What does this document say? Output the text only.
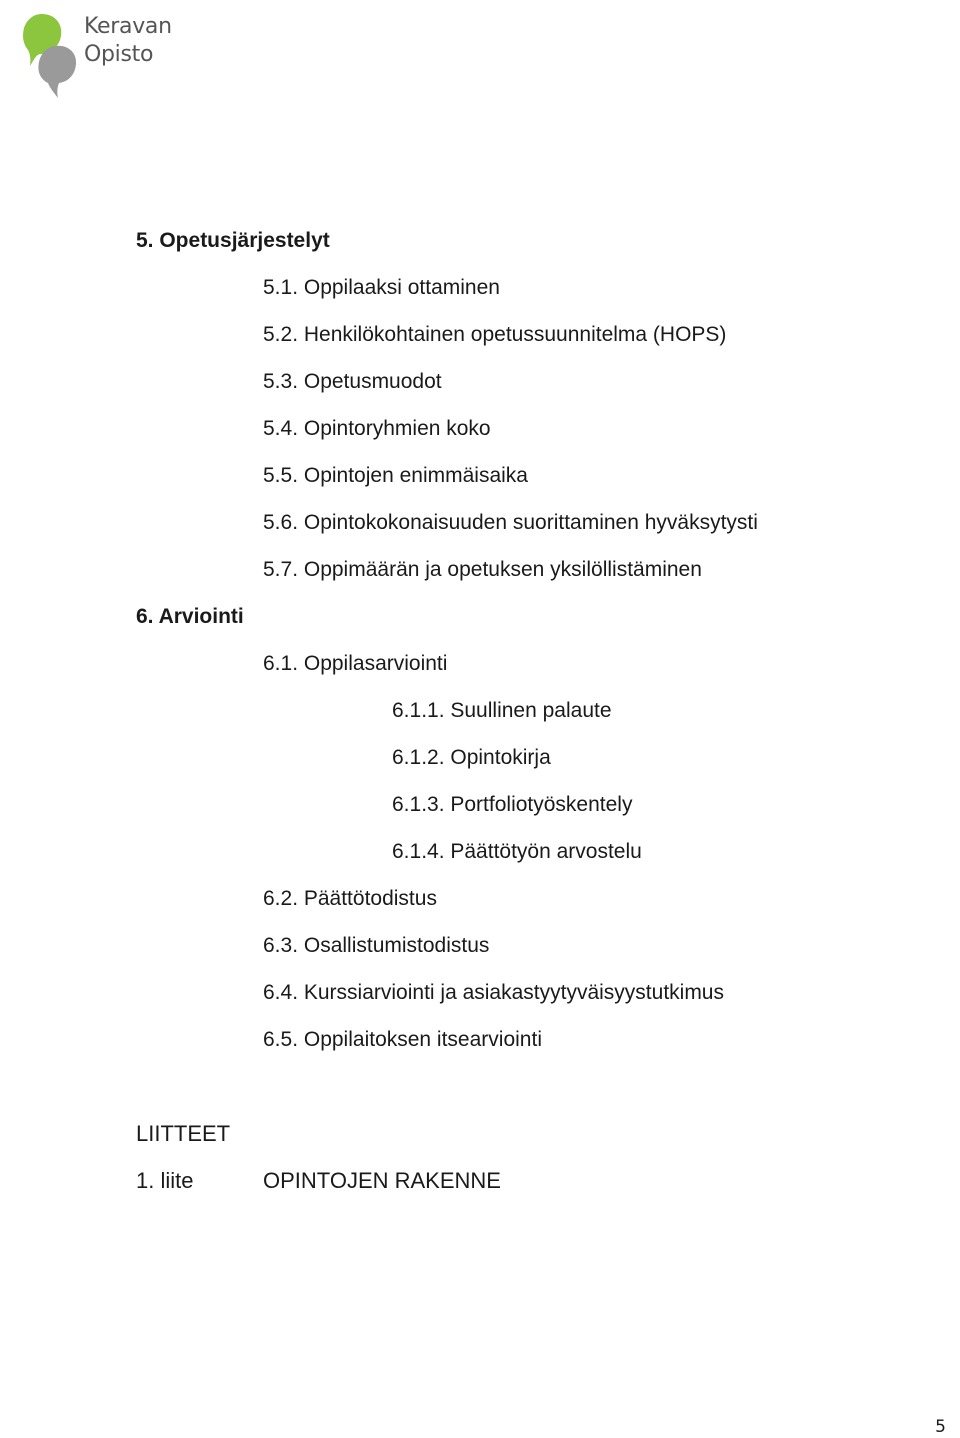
Keravan
Opisto
5. Opetusjärjestelyt
5.1. Oppilaaksi ottaminen
5.2. Henkilökohtainen opetussuunnitelma (HOPS)
5.3. Opetusmuodot
5.4. Opintoryhmien koko
5.5. Opintojen enimmäisaika
5.6. Opintokokonaisuuden suorittaminen hyväksytysti
5.7. Oppimäärän ja opetuksen yksilöllistäminen
6. Arviointi
6.1. Oppilasarviointi
6.1.1. Suullinen palaute
6.1.2. Opintokirja
6.1.3. Portfoliotyöskentely
6.1.4. Päättötyön arvostelu
6.2. Päättötodistus
6.3. Osallistumistodistus
6.4. Kurssiarviointi ja asiakastyytyväisyystutkimus
6.5. Oppilaitoksen itsearviointi
LIITTEET
1. liite	OPINTOJEN RAKENNE
5
